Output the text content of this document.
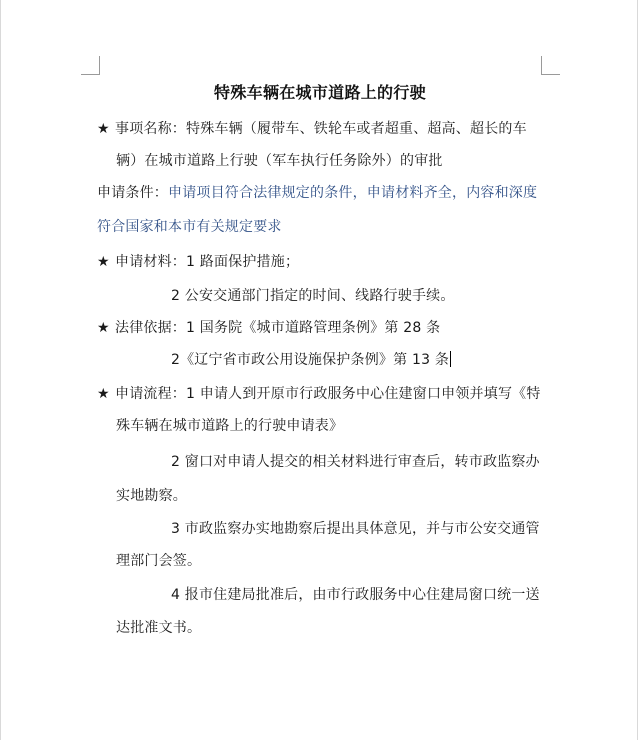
特殊车辆在城市道路上的行驶
★ 事项名称：特殊车辆（履带车、铁轮车或者超重、超高、超长的车
辆）在城市道路上行驶（军车执行任务除外）的审批
申请条件：申请项目符合法律规定的条件，申请材料齐全，内容和深度
符合国家和本市有关规定要求
★ 申请材料：1 路面保护措施；
2 公安交通部门指定的时间、线路行驶手续。
★ 法律依据：1 国务院《城市道路管理条例》第 28 条
2《辽宁省市政公用设施保护条例》第 13 条
★ 申请流程：1 申请人到开原市行政服务中心住建窗口申领并填写《特
殊车辆在城市道路上的行驶申请表》
2 窗口对申请人提交的相关材料进行审查后，转市政监察办
实地勘察。
3 市政监察办实地勘察后提出具体意见，并与市公安交通管
理部门会签。
4 报市住建局批准后，由市行政服务中心住建局窗口统一送
达批准文书。
